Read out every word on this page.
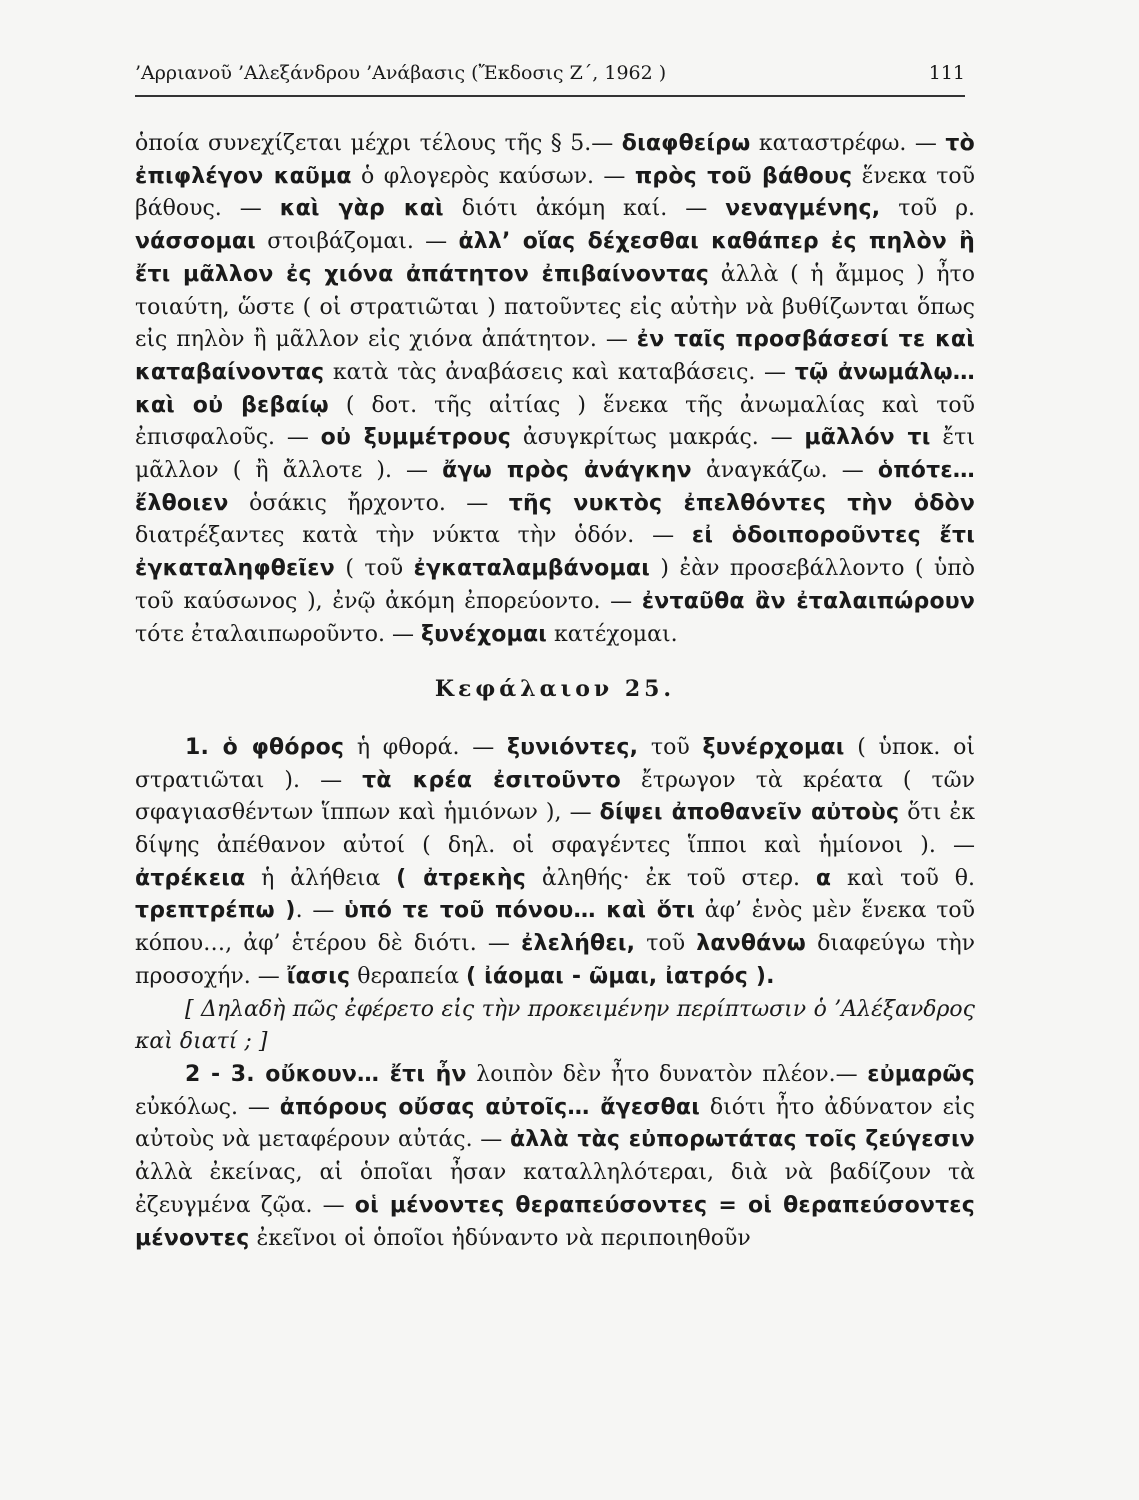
’Αρριανοῦ ’Αλεξάνδρου ’Ανάβασις (Ἔκδοσις Ζ΄, 1962 )	111

ὁποία συνεχίζεται μέχρι τέλους τῆς § 5.— διαφθείρω καταστρέφω. — τὸ ἐπιφλέγον καῦμα ὁ φλογερὸς καύσων. — πρὸς τοῦ βάθους ἕνεκα τοῦ βάθους. — καὶ γὰρ καὶ διότι ἀκόμη καί. — νεναγμένης, τοῦ ρ. νάσσομαι στοιβάζομαι. — ἀλλ’ οἵας δέχεσθαι καθάπερ ἐς πηλὸν ἢ ἔτι μᾶλλον ἐς χιόνα ἀπάτητον ἐπιβαίνοντας ἀλλὰ ( ἡ ἄμμος ) ἦτο τοιαύτη, ὥστε ( οἱ στρατιῶται ) πατοῦντες εἰς αὐτὴν νὰ βυθίζωνται ὅπως εἰς πηλὸν ἢ μᾶλλον εἰς χιόνα ἀπάτητον. — ἐν ταῖς προσβάσεσί τε καὶ καταβαίνοντας κατὰ τὰς ἀναβάσεις καὶ καταβάσεις. — τῷ ἀνωμάλῳ… καὶ οὐ βεβαίῳ ( δοτ. τῆς αἰτίας ) ἕνεκα τῆς ἀνωμαλίας καὶ τοῦ ἐπισφαλοῦς. — οὐ ξυμμέτρους ἀσυγκρίτως μακράς. — μᾶλλόν τι ἔτι μᾶλλον ( ἢ ἄλλοτε ). — ἄγω πρὸς ἀνάγκην ἀναγκάζω. — ὁπότε… ἔλθοιεν ὁσάκις ἤρχοντο. — τῆς νυκτὸς ἐπελθόντες τὴν ὁδὸν διατρέξαντες κατὰ τὴν νύκτα τὴν ὁδόν. — εἰ ὁδοιποροῦντες ἔτι ἐγκαταληφθεῖεν ( τοῦ ἐγκαταλαμβάνομαι ) ἐὰν προσεβάλλοντο ( ὑπὸ τοῦ καύσωνος ), ἐνῷ ἀκόμη ἐπορεύοντο. — ἐνταῦθα ἂν ἐταλαιπώρουν τότε ἐταλαιπωροῦντο. — ξυνέχομαι κατέχομαι.

Κεφάλαιον 25.

1. ὁ φθόρος ἡ φθορά. — ξυνιόντες, τοῦ ξυνέρχομαι ( ὑποκ. οἱ στρατιῶται ). — τὰ κρέα ἐσιτοῦντο ἔτρωγον τὰ κρέατα ( τῶν σφαγιασθέντων ἵππων καὶ ἡμιόνων ), — δίψει ἀποθανεῖν αὐτοὺς ὅτι ἐκ δίψης ἀπέθανον αὐτοί ( δηλ. οἱ σφαγέντες ἵπποι καὶ ἡμίονοι ). — ἀτρέκεια ἡ ἀλήθεια ( ἀτρεκὴς ἀληθής· ἐκ τοῦ στερ. α καὶ τοῦ θ. τρεπτρέπω ). — ὑπό τε τοῦ πόνου… καὶ ὅτι ἀφ’ ἑνὸς μὲν ἕνεκα τοῦ κόπου…, ἀφ’ ἑτέρου δὲ διότι. — ἐλελήθει, τοῦ λανθάνω διαφεύγω τὴν προσοχήν. — ἴασις θεραπεία ( ἰάομαι - ῶμαι, ἰατρός ).

[ Δηλαδὴ πῶς ἐφέρετο εἰς τὴν προκειμένην περίπτωσιν ὁ ’Αλέξανδρος καὶ διατί ; ]

2 - 3. οὔκουν… ἔτι ἦν λοιπὸν δὲν ἦτο δυνατὸν πλέον.— εὐμαρῶς εὐκόλως. — ἀπόρους οὔσας αὐτοῖς… ἄγεσθαι διότι ἦτο ἀδύνατον εἰς αὐτοὺς νὰ μεταφέρουν αὐτάς. — ἀλλὰ τὰς εὐπορωτάτας τοῖς ζεύγεσιν ἀλλὰ ἐκείνας, αἱ ὁποῖαι ἦσαν καταλληλότεραι, διὰ νὰ βαδίζουν τὰ ἐζευγμένα ζῷα. — οἱ μένοντες θεραπεύσοντες = οἱ θεραπεύσοντες μένοντες ἐκεῖνοι οἱ ὁποῖοι ἠδύναντο νὰ περιποιηθοῦν
